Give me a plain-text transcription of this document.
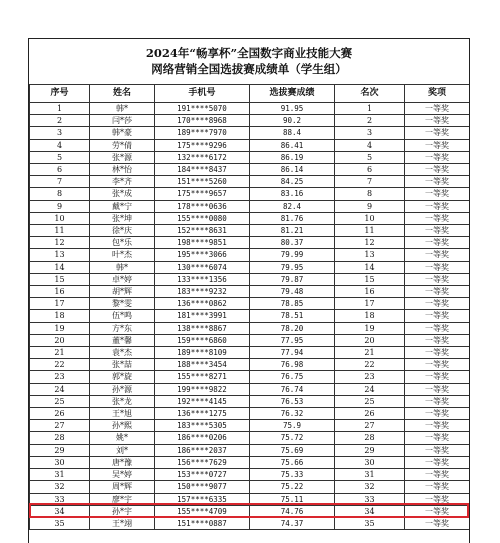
2024年“畅享杯”全国数字商业技能大赛
网络营销全国选拔赛成绩单（学生组）
序号	姓名	手机号	选拔赛成绩	名次	奖项
1	韩*	191****5070	91.95	1	一等奖
2	闫*莎	170****8968	90.2	2	一等奖
3	韩*豪	189****7970	88.4	3	一等奖
4	劳*倩	175****9296	86.41	4	一等奖
5	张*源	132****6172	86.19	5	一等奖
6	林*怡	184****8437	86.14	6	一等奖
7	李*齐	151****5260	84.25	7	一等奖
8	张*成	175****9657	83.16	8	一等奖
9	戴*宁	178****0636	82.4	9	一等奖
10	张*坤	155****0080	81.76	10	一等奖
11	徐*庆	152****8631	81.21	11	一等奖
12	包*乐	198****9851	80.37	12	一等奖
13	叶*杰	195****3066	79.99	13	一等奖
14	韩*	130****6074	79.95	14	一等奖
15	卓*婷	133****1356	79.87	15	一等奖
16	胡*辉	183****9232	79.48	16	一等奖
17	黎*雯	136****0862	78.85	17	一等奖
18	伍*鸣	181****3991	78.51	18	一等奖
19	方*东	138****8867	78.20	19	一等奖
20	董*馨	159****6860	77.95	20	一等奖
21	袁*杰	189****8109	77.94	21	一等奖
22	张*喆	188****3454	76.98	22	一等奖
23	郭*旋	155****8271	76.75	23	一等奖
24	孙*源	199****9822	76.74	24	一等奖
25	张*龙	192****4145	76.53	25	一等奖
26	王*旭	136****1275	76.32	26	一等奖
27	孙*熙	183****5305	75.9	27	一等奖
28	姚*	186****0206	75.72	28	一等奖
29	刘*	186****2037	75.69	29	一等奖
30	唐*豫	156****7629	75.66	30	一等奖
31	吴*婷	153****0727	75.33	31	一等奖
32	周*辉	150****9077	75.22	32	一等奖
33	廖*宇	157****6335	75.11	33	一等奖
34	孙*宇	155****4709	74.76	34	一等奖
35	王*翊	151****0887	74.37	35	一等奖
